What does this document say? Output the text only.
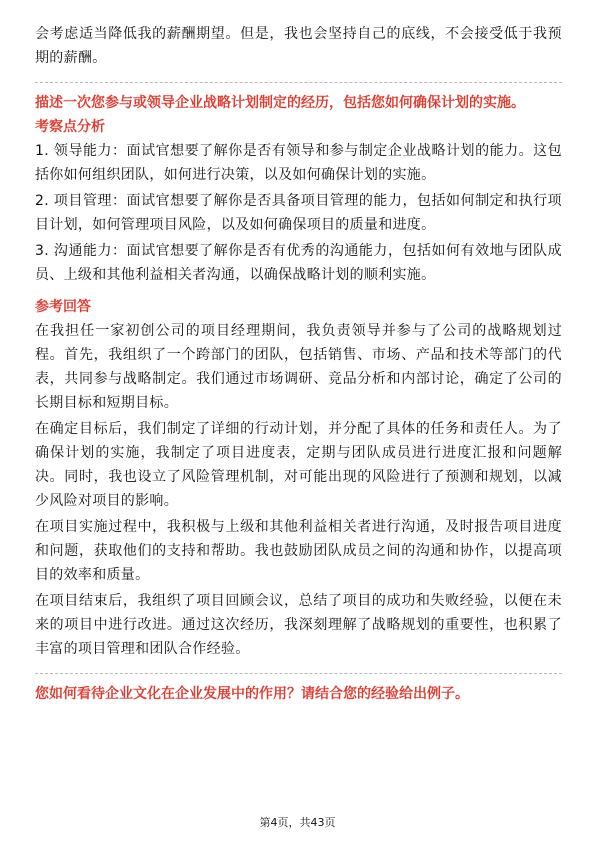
会考虑适当降低我的薪酬期望。但是，我也会坚持自己的底线，不会接受低于我预期的薪酬。

描述一次您参与或领导企业战略计划制定的经历，包括您如何确保计划的实施。

考察点分析

1. 领导能力：面试官想要了解你是否有领导和参与制定企业战略计划的能力。这包括你如何组织团队，如何进行决策，以及如何确保计划的实施。

2. 项目管理：面试官想要了解你是否具备项目管理的能力，包括如何制定和执行项目计划，如何管理项目风险，以及如何确保项目的质量和进度。

3. 沟通能力：面试官想要了解你是否有优秀的沟通能力，包括如何有效地与团队成员、上级和其他利益相关者沟通，以确保战略计划的顺利实施。

参考回答

在我担任一家初创公司的项目经理期间，我负责领导并参与了公司的战略规划过程。首先，我组织了一个跨部门的团队，包括销售、市场、产品和技术等部门的代表，共同参与战略制定。我们通过市场调研、竞品分析和内部讨论，确定了公司的长期目标和短期目标。

在确定目标后，我们制定了详细的行动计划，并分配了具体的任务和责任人。为了确保计划的实施，我制定了项目进度表，定期与团队成员进行进度汇报和问题解决。同时，我也设立了风险管理机制，对可能出现的风险进行了预测和规划，以减少风险对项目的影响。

在项目实施过程中，我积极与上级和其他利益相关者进行沟通，及时报告项目进度和问题，获取他们的支持和帮助。我也鼓励团队成员之间的沟通和协作，以提高项目的效率和质量。

在项目结束后，我组织了项目回顾会议，总结了项目的成功和失败经验，以便在未来的项目中进行改进。通过这次经历，我深刻理解了战略规划的重要性，也积累了丰富的项目管理和团队合作经验。

您如何看待企业文化在企业发展中的作用？请结合您的经验给出例子。

第4页，共43页
